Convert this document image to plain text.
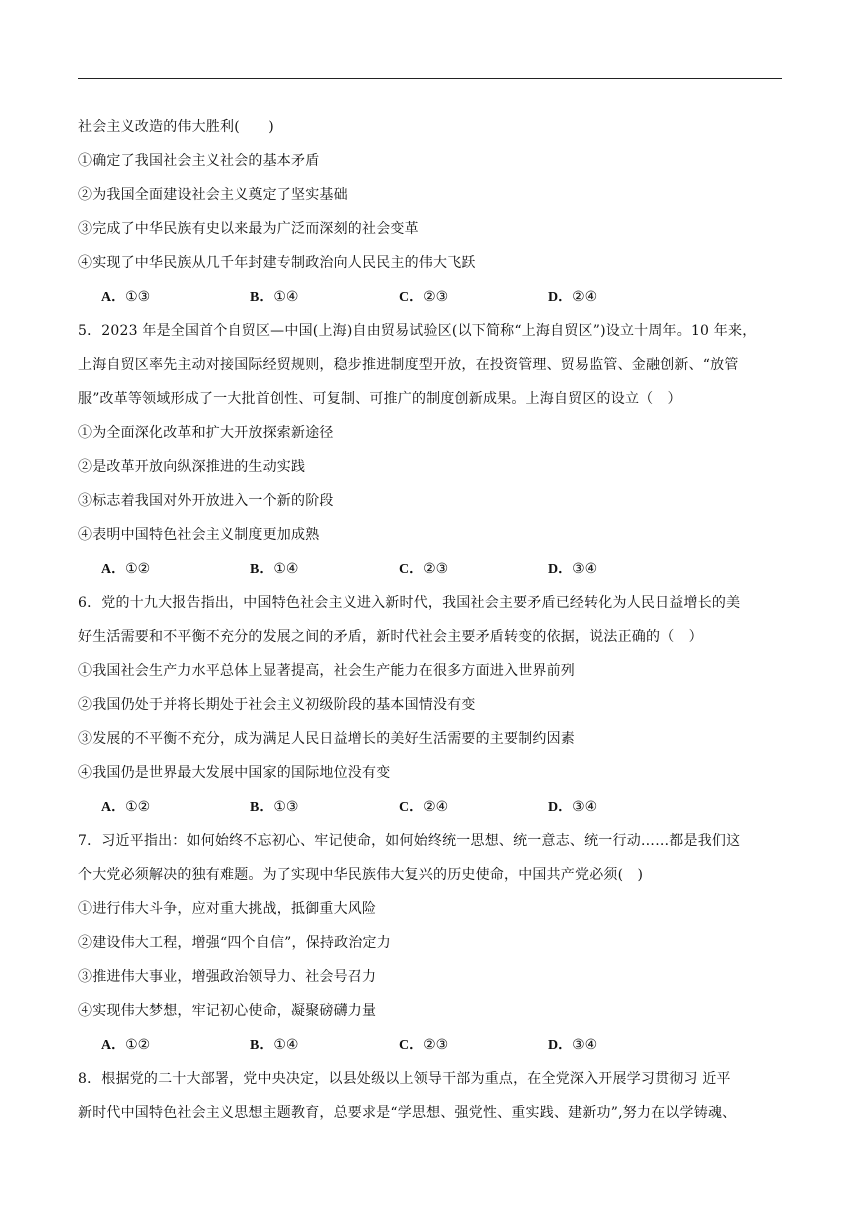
社会主义改造的伟大胜利(　　)
①确定了我国社会主义社会的基本矛盾
②为我国全面建设社会主义奠定了坚实基础
③完成了中华民族有史以来最为广泛而深刻的社会变革
④实现了中华民族从几千年封建专制政治向人民民主的伟大飞跃
A．①③	B．①④	C．②③	D．②④
5．2023 年是全国首个自贸区—中国(上海)自由贸易试验区(以下简称“上海自贸区”)设立十周年。10 年来，
上海自贸区率先主动对接国际经贸规则，稳步推进制度型开放，在投资管理、贸易监管、金融创新、“放管
服”改革等领域形成了一大批首创性、可复制、可推广的制度创新成果。上海自贸区的设立（　）
①为全面深化改革和扩大开放探索新途径
②是改革开放向纵深推进的生动实践
③标志着我国对外开放进入一个新的阶段
④表明中国特色社会主义制度更加成熟
A．①②	B．①④	C．②③	D．③④
6．党的十九大报告指出，中国特色社会主义进入新时代，我国社会主要矛盾已经转化为人民日益增长的美
好生活需要和不平衡不充分的发展之间的矛盾，新时代社会主要矛盾转变的依据，说法正确的（　）
①我国社会生产力水平总体上显著提高，社会生产能力在很多方面进入世界前列
②我国仍处于并将长期处于社会主义初级阶段的基本国情没有变
③发展的不平衡不充分，成为满足人民日益增长的美好生活需要的主要制约因素
④我国仍是世界最大发展中国家的国际地位没有变
A．①②	B．①③	C．②④	D．③④
7．习近平指出：如何始终不忘初心、牢记使命，如何始终统一思想、统一意志、统一行动……都是我们这
个大党必须解决的独有难题。为了实现中华民族伟大复兴的历史使命，中国共产党必须(　)
①进行伟大斗争，应对重大挑战，抵御重大风险
②建设伟大工程，增强“四个自信”，保持政治定力
③推进伟大事业，增强政治领导力、社会号召力
④实现伟大梦想，牢记初心使命，凝聚磅礴力量
A．①②	B．①④	C．②③	D．③④
8．根据党的二十大部署，党中央决定，以县处级以上领导干部为重点，在全党深入开展学习贯彻习 近平
新时代中国特色社会主义思想主题教育，总要求是“学思想、强党性、重实践、建新功”,努力在以学铸魂、
